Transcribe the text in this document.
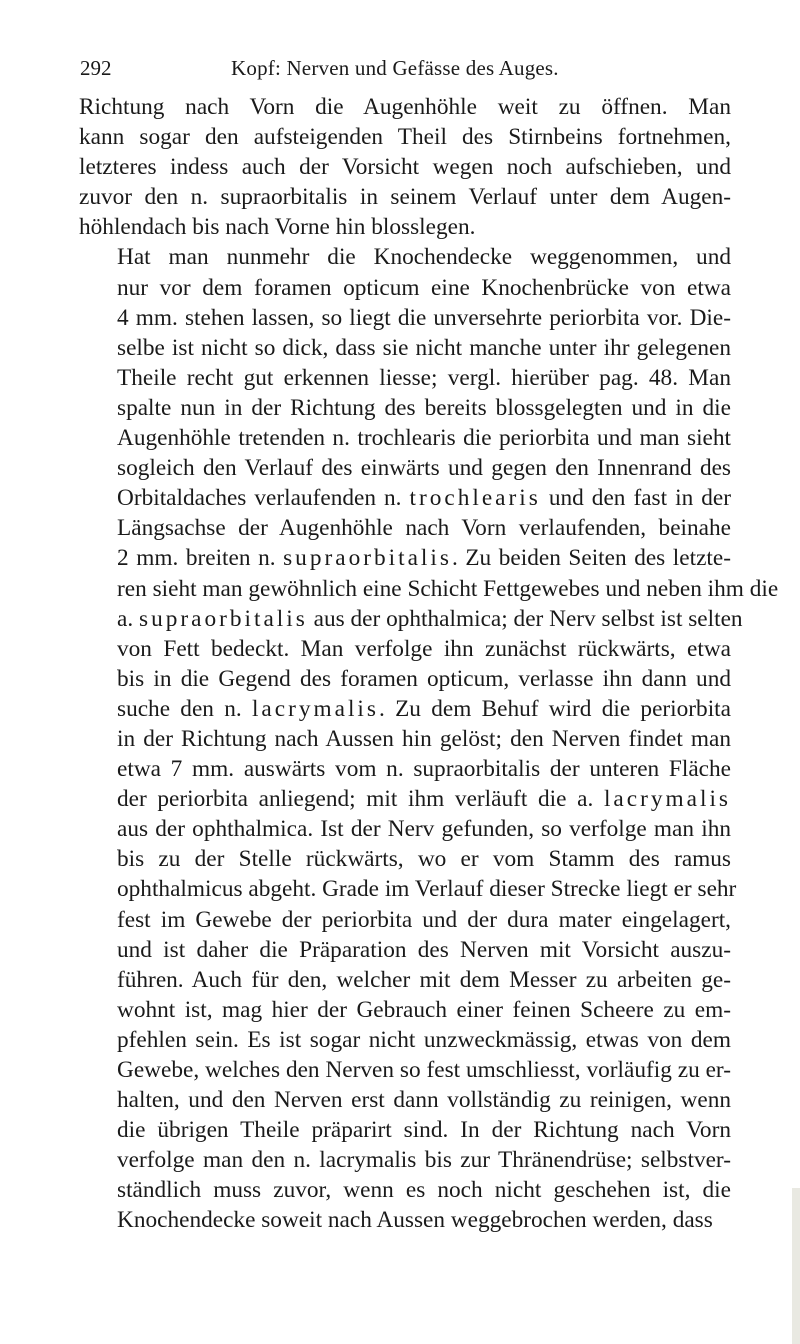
292	Kopf: Nerven und Gefässe des Auges.

Richtung nach Vorn die Augenhöhle weit zu öffnen. Man
kann sogar den aufsteigenden Theil des Stirnbeins fortnehmen,
letzteres indess auch der Vorsicht wegen noch aufschieben, und
zuvor den n. supraorbitalis in seinem Verlauf unter dem Augen-
höhlendach bis nach Vorne hin blosslegen.

Hat man nunmehr die Knochendecke weggenommen, und
nur vor dem foramen opticum eine Knochenbrücke von etwa
4 mm. stehen lassen, so liegt die unversehrte periorbita vor. Die-
selbe ist nicht so dick, dass sie nicht manche unter ihr gelegenen
Theile recht gut erkennen liesse; vergl. hierüber pag. 48. Man
spalte nun in der Richtung des bereits blossgelegten und in die
Augenhöhle tretenden n. trochlearis die periorbita und man sieht
sogleich den Verlauf des einwärts und gegen den Innenrand des
Orbitaldaches verlaufenden n. trochlearis und den fast in der
Längsachse der Augenhöhle nach Vorn verlaufenden, beinahe
2 mm. breiten n. supraorbitalis. Zu beiden Seiten des letzte-
ren sieht man gewöhnlich eine Schicht Fettgewebes und neben ihm die
a. supraorbitalis aus der ophthalmica; der Nerv selbst ist selten
von Fett bedeckt. Man verfolge ihn zunächst rückwärts, etwa
bis in die Gegend des foramen opticum, verlasse ihn dann und
suche den n. lacrymalis. Zu dem Behuf wird die periorbita
in der Richtung nach Aussen hin gelöst; den Nerven findet man
etwa 7 mm. auswärts vom n. supraorbitalis der unteren Fläche
der periorbita anliegend; mit ihm verläuft die a. lacrymalis
aus der ophthalmica. Ist der Nerv gefunden, so verfolge man ihn
bis zu der Stelle rückwärts, wo er vom Stamm des ramus
ophthalmicus abgeht. Grade im Verlauf dieser Strecke liegt er sehr
fest im Gewebe der periorbita und der dura mater eingelagert,
und ist daher die Präparation des Nerven mit Vorsicht auszu-
führen. Auch für den, welcher mit dem Messer zu arbeiten ge-
wohnt ist, mag hier der Gebrauch einer feinen Scheere zu em-
pfehlen sein. Es ist sogar nicht unzweckmässig, etwas von dem
Gewebe, welches den Nerven so fest umschliesst, vorläufig zu er-
halten, und den Nerven erst dann vollständig zu reinigen, wenn
die übrigen Theile präparirt sind. In der Richtung nach Vorn
verfolge man den n. lacrymalis bis zur Thränendrüse; selbstver-
ständlich muss zuvor, wenn es noch nicht geschehen ist, die
Knochendecke soweit nach Aussen weggebrochen werden, dass
